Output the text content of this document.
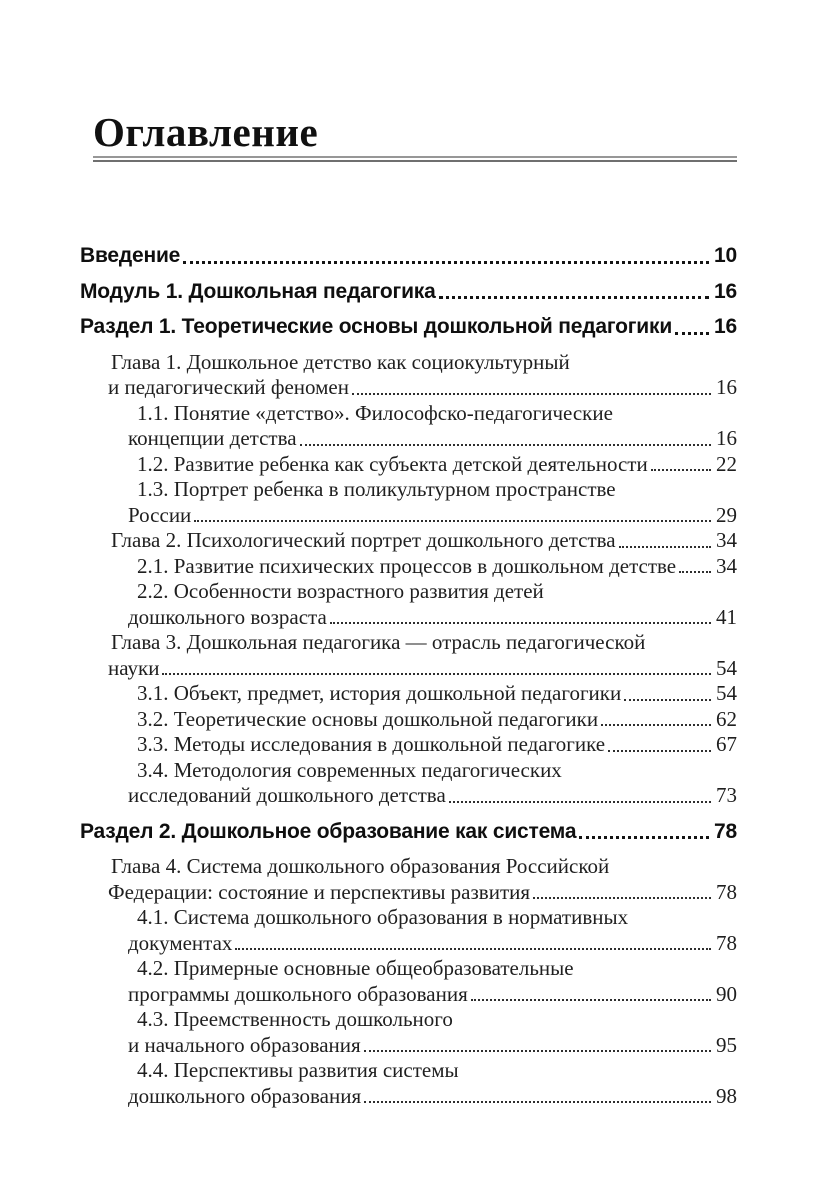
Оглавление
Введение	10
Модуль 1. Дошкольная педагогика	16
Раздел 1. Теоретические основы дошкольной педагогики 16
Глава 1. Дошкольное детство как социокультурный
и педагогический феномен	16
1.1. Понятие «детство». Философско-педагогические
концепции детства	16
1.2. Развитие ребенка как субъекта детской деятельности	22
1.3. Портрет ребенка в поликультурном пространстве
России	29
Глава 2. Психологический портрет дошкольного детства	34
2.1. Развитие психических процессов в дошкольном детстве 34
2.2. Особенности возрастного развития детей
дошкольного возраста	41
Глава 3. Дошкольная педагогика — отрасль педагогической
науки	54
3.1. Объект, предмет, история дошкольной педагогики	54
3.2. Теоретические основы дошкольной педагогики	62
3.3. Методы исследования в дошкольной педагогике	67
3.4. Методология современных педагогических
исследований дошкольного детства	73
Раздел 2. Дошкольное образование как система	78
Глава 4. Система дошкольного образования Российской
Федерации: состояние и перспективы развития	78
4.1. Система дошкольного образования в нормативных
документах	78
4.2. Примерные основные общеобразовательные
программы дошкольного образования	90
4.3. Преемственность дошкольного
и начального образования	95
4.4. Перспективы развития системы
дошкольного образования	98
